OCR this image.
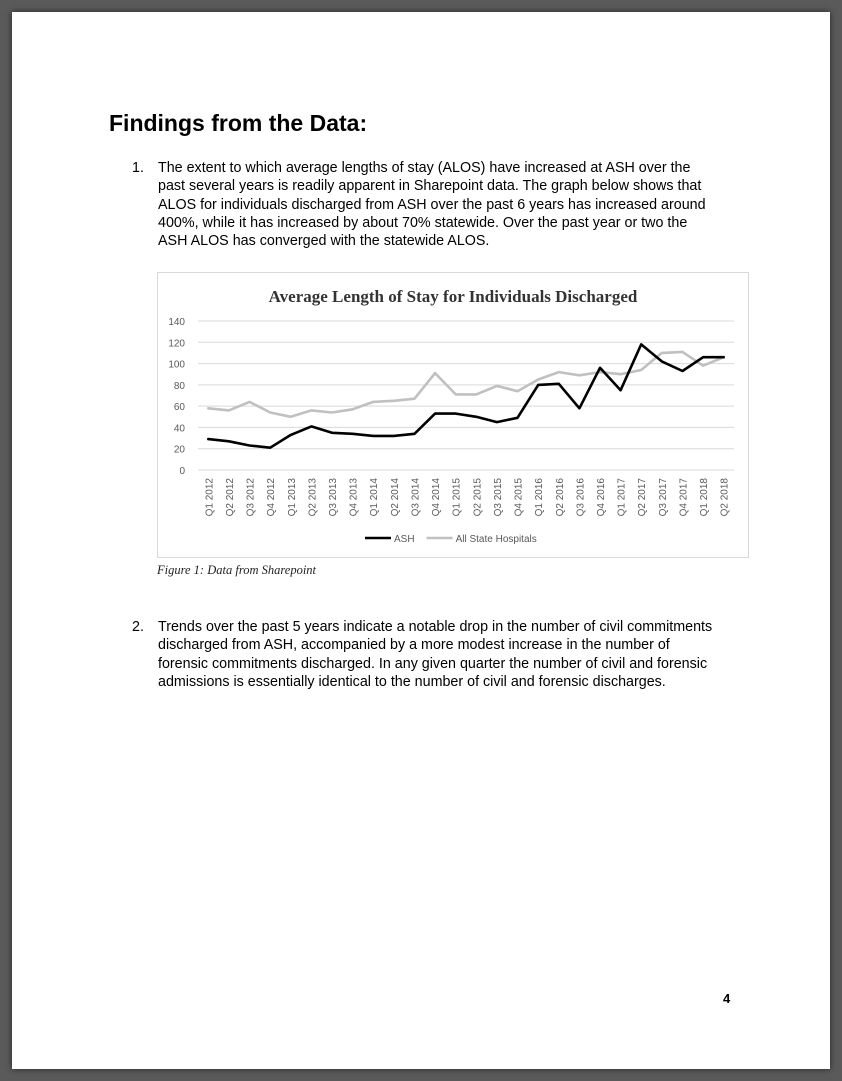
Findings from the Data:
1. The extent to which average lengths of stay (ALOS) have increased at ASH over the
past several years is readily apparent in Sharepoint data. The graph below shows that
ALOS for individuals discharged from ASH over the past 6 years has increased around
400%, while it has increased by about 70% statewide. Over the past year or two the
ASH ALOS has converged with the statewide ALOS.
Average Length of Stay for Individuals Discharged
0
20
40
60
80
100
120
140
Q1 2012 Q2 2012 Q3 2012 Q4 2012 Q1 2013 Q2 2013 Q3 2013 Q4 2013 Q1 2014 Q2 2014 Q3 2014 Q4 2014 Q1 2015 Q2 2015 Q3 2015 Q4 2015 Q1 2016 Q2 2016 Q3 2016 Q4 2016 Q1 2017 Q2 2017 Q3 2017 Q4 2017 Q1 2018 Q2 2018
ASH	All State Hospitals
Figure 1: Data from Sharepoint
2. Trends over the past 5 years indicate a notable drop in the number of civil commitments
discharged from ASH, accompanied by a more modest increase in the number of
forensic commitments discharged. In any given quarter the number of civil and forensic
admissions is essentially identical to the number of civil and forensic discharges.
4
